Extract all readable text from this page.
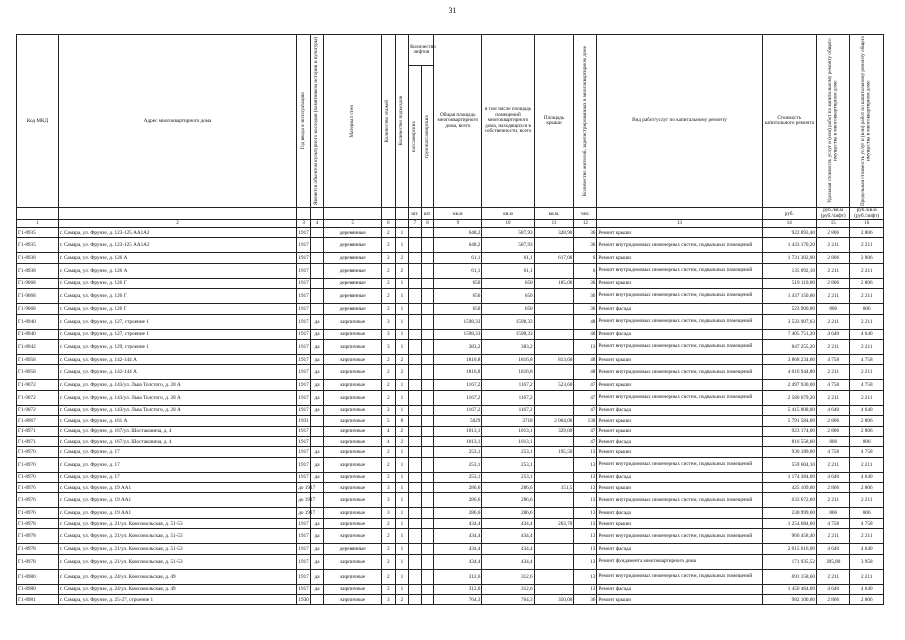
31
Код МКД	Адрес многоквартирного дома	Год ввода в эксплуатацию	Является объектом культурного наследия (памятником истории и культуры)	Материал стен	Количество этажей	Количество подъездов	Количество лифтов		Общая площадь многоквартирного дома, всего	в том числе площадь помещений многоквартирного дома, находящихся в собственности, всего	Площадь крыши	Количество жителей, зарегистрированных в многоквартирном доме	Вид работ/услуг по капитальному ремонту	Стоимость капитального ремонта	Удельная стоимость услуг и (или) работ по капитальному ремонту общего имущества в многоквартирном доме	Предельная стоимость услуг и (или) работ по капитальному ремонту общего имущества в многоквартирном доме

							пассажирских	грузопассажирских								

							шт.	шт.	кв.м	кв.м	кв.м.	чел.		руб.	руб./кв.м (руб./лифт)	руб./кв.м (руб./лифт)
1	2	3	4	5	6		7	8	9	10	11	12	13	14	15	16
Г1-8935	г. Самара, ул. Фрунзе, д. 123-125 АА1А2	1917		деревянные	2	1			648,2	587,93	328,90	36	Ремонт крыши	922 893,40	2 806	2 806
Г1-8935	г. Самара, ул. Фрунзе, д. 123-125 АА1А2	1917		деревянные	2	1			648,2	587,93		36	Ремонт внутридомовых инженерных систем, подвальных помещений	1 433 170,20	2 211	2 211
Г1-8938	г. Самара, ул. Фрунзе, д. 126 А	1917		деревянные	2	2			61,1	61,1	617,00	6	Ремонт крыши	1 731 302,00	2 806	2 806
Г1-8938	г. Самара, ул. Фрунзе, д. 126 А	1917		деревянные	2	2			61,1	61,1		6	Ремонт внутридомовых инженерных систем, подвальных помещений	135 092,10	2 211	2 211
Г1-9068	г. Самара, ул. Фрунзе, д. 126 Г	1917		деревянные	2	1			650	650	185,00	36	Ремонт крыши	519 110,00	2 806	2 806
Г1-9068	г. Самара, ул. Фрунзе, д. 126 Г	1917		деревянные	2	1			650	650		36	Ремонт внутридомовых инженерных систем, подвальных помещений	1 437 150,00	2 211	2 211
Г1-9068	г. Самара, ул. Фрунзе, д. 126 Г	1917		деревянные	2	1			650	650		36	Ремонт фасада	523 900,00	806	806
Г1-8940	г. Самара, ул. Фрунзе, д. 127, строение 1	1917	да	кирпичные	3	1			1598,33	1598,33		48	Ремонт внутридомовых инженерных систем, подвальных помещений	3 533 907,63	2 211	2 211
Г1-8940	г. Самара, ул. Фрунзе, д. 127, строение 1	1917	да	кирпичные	3	1			1598,33	1598,33		48	Ремонт фасада	7 405 751,20	4 640	4 640
Г1-8942	г. Самара, ул. Фрунзе, д. 129, строение 1	1917	да	кирпичные	3	1			383,2	383,2		13	Ремонт внутридомовых инженерных систем, подвальных помещений	847 255,20	2 211	2 211
Г1-8958	г. Самара, ул. Фрунзе, д. 142-144 А	1917	да	кирпичные	2	2			1816,8	1816,8	813,60	48	Ремонт крыши	3 868 234,00	4 758	4 758
Г1-8958	г. Самара, ул. Фрунзе, д. 142-144 А	1917	да	кирпичные	2	2			1816,8	1816,8		48	Ремонт внутридомовых инженерных систем, подвальных помещений	4 016 944,80	2 211	2 211
Г1-9072	г. Самара, ул. Фрунзе, д. 143/ул. Льва Толстого, д. 28 А	1917	да	кирпичные	2	1			1167,2	1167,2	523,60	47	Ремонт крыши	2 497 930,00	4 758	4 758
Г1-9072	г. Самара, ул. Фрунзе, д. 143/ул. Льва Толстого, д. 28 А	1917	да	кирпичные	2	1			1167,2	1167,2		47	Ремонт внутридомовых инженерных систем, подвальных помещений	2 580 679,20	2 211	2 211
Г1-9072	г. Самара, ул. Фрунзе, д. 143/ул. Льва Толстого, д. 28 А	1917	да	кирпичные	2	1			1167,2	1167,2		47	Ремонт фасада	5 415 808,00	4 640	4 640
Г1-8967	г. Самара, ул. Фрунзе, д. 161 А	1931		кирпичные	5	8			5029	3718	2 064,00	130	Ремонт крыши	5 791 584,00	2 806	2 806
Г1-8971	г. Самара, ул. Фрунзе, д. 167/ул. Шостаковича, д. 4	1917		кирпичные	4	2			1013,1	1013,1	329,00	47	Ремонт крыши	923 174,00	2 806	2 806
Г1-8971	г. Самара, ул. Фрунзе, д. 167/ул. Шостаковича, д. 4	1917		кирпичные	4	2			1013,1	1013,1		47	Ремонт фасада	816 558,60	806	806
Г1-8970	г. Самара, ул. Фрунзе, д. 17	1917	да	кирпичные	2	1			253,1	253,1	195,50	13	Ремонт крыши	930 189,00	4 758	4 758
Г1-8970	г. Самара, ул. Фрунзе, д. 17	1917	да	кирпичные	2	1			253,1	253,1		13	Ремонт внутридомовых инженерных систем, подвальных помещений	559 604,10	2 211	2 211
Г1-8970	г. Самара, ул. Фрунзе, д. 17	1917	да	кирпичные	2	1			253,1	253,1		13	Ремонт фасада	1 174 384,00	4 640	4 640
Г1-8976	г. Самара, ул. Фрунзе, д. 19 АА1	до 1917		кирпичные	3	1			286,6	286,6	151,5	13	Ремонт крыши	425 109,00	2 806	2 806
Г1-8976	г. Самара, ул. Фрунзе, д. 19 АА1	до 1917		кирпичные	3	1			286,6	286,6		13	Ремонт внутридомовых инженерных систем, подвальных помещений	633 672,60	2 211	2 211
Г1-8976	г. Самара, ул. Фрунзе, д. 19 АА1	до 1917		кирпичные	3	1			286,6	286,6		13	Ремонт фасада	230 999,60	806	806
Г1-8978	г. Самара, ул. Фрунзе, д. 21/ул. Комсомольская, д. 51-53	1917	да	кирпичные	2	1			434,4	434,4	263,70	13	Ремонт крыши	1 254 684,60	4 758	4 758
Г1-8978	г. Самара, ул. Фрунзе, д. 21/ул. Комсомольская, д. 51-53	1917	да	кирпичные	2	1			434,4	434,4		13	Ремонт внутридомовых инженерных систем, подвальных помещений	960 458,40	2 211	2 211
Г1-8978	г. Самара, ул. Фрунзе, д. 21/ул. Комсомольская, д. 51-53	1917	да	деревянные	2	1			434,4	434,4		13	Ремонт фасада	2 015 616,00	4 640	4 640
Г1-8978	г. Самара, ул. Фрунзе, д. 21/ул. Комсомольская, д. 51-53	1917	да	кирпичные	2	1			434,4	434,4		13	Ремонт фундамента многоквартирного дома	171 935,52	395,80	3 958
Г1-8980	г. Самара, ул. Фрунзе, д. 24/ул. Комсомольская, д. 49	1917	да	кирпичные	2	1			312,6	312,6		13	Ремонт внутридомовых инженерных систем, подвальных помещений	691 158,60	2 211	2 211
Г1-8980	г. Самара, ул. Фрунзе, д. 24/ул. Комсомольская, д. 49	1917	да	кирпичные	2	1			312,6	312,6		13	Ремонт фасада	1 450 464,00	4 640	4 640
Г1-8981	г. Самара, ул. Фрунзе, д. 25-27, строение 1	1930		кирпичные	3	2			764,3	764,3	350,00	36	Ремонт крыши	982 100,00	2 806	2 806
